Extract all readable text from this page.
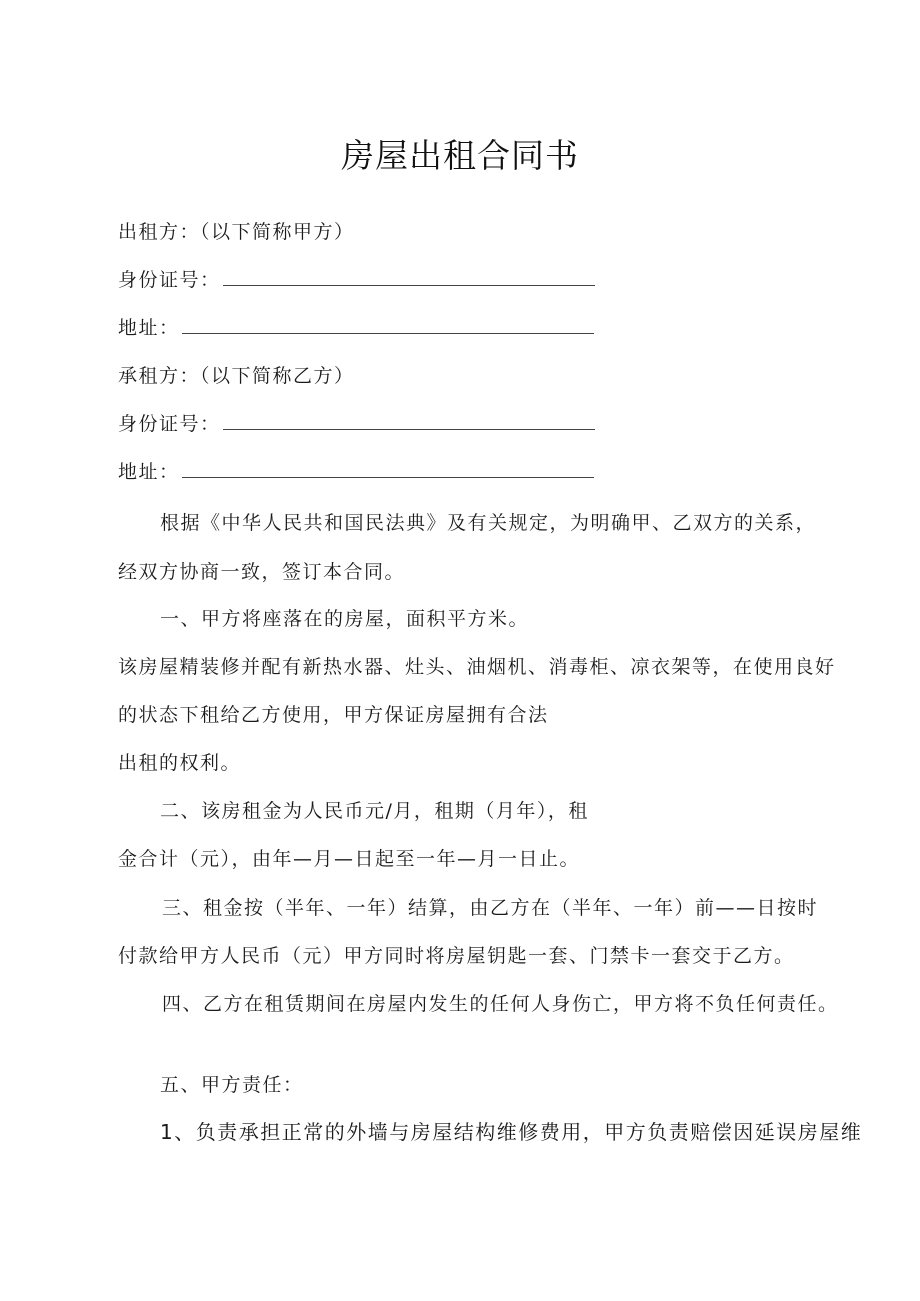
房屋出租合同书
出租方：（以下简称甲方）
身份证号：
地址：
承租方：（以下简称乙方）
身份证号：
地址：
根据《中华人民共和国民法典》及有关规定，为明确甲、乙双方的关系，
经双方协商一致，签订本合同。
一、甲方将座落在的房屋，面积平方米。
该房屋精装修并配有新热水器、灶头、油烟机、消毒柜、凉衣架等，在使用良好
的状态下租给乙方使用，甲方保证房屋拥有合法
出租的权利。
二、该房租金为人民币元/月，租期（月年），租
金合计（元），由年—月—日起至一年—月一日止。
三、租金按（半年、一年）结算，由乙方在（半年、一年）前——日按时
付款给甲方人民币（元）甲方同时将房屋钥匙一套、门禁卡一套交于乙方。
四、乙方在租赁期间在房屋内发生的任何人身伤亡，甲方将不负任何责任。
五、甲方责任：
1、负责承担正常的外墙与房屋结构维修费用，甲方负责赔偿因延误房屋维
